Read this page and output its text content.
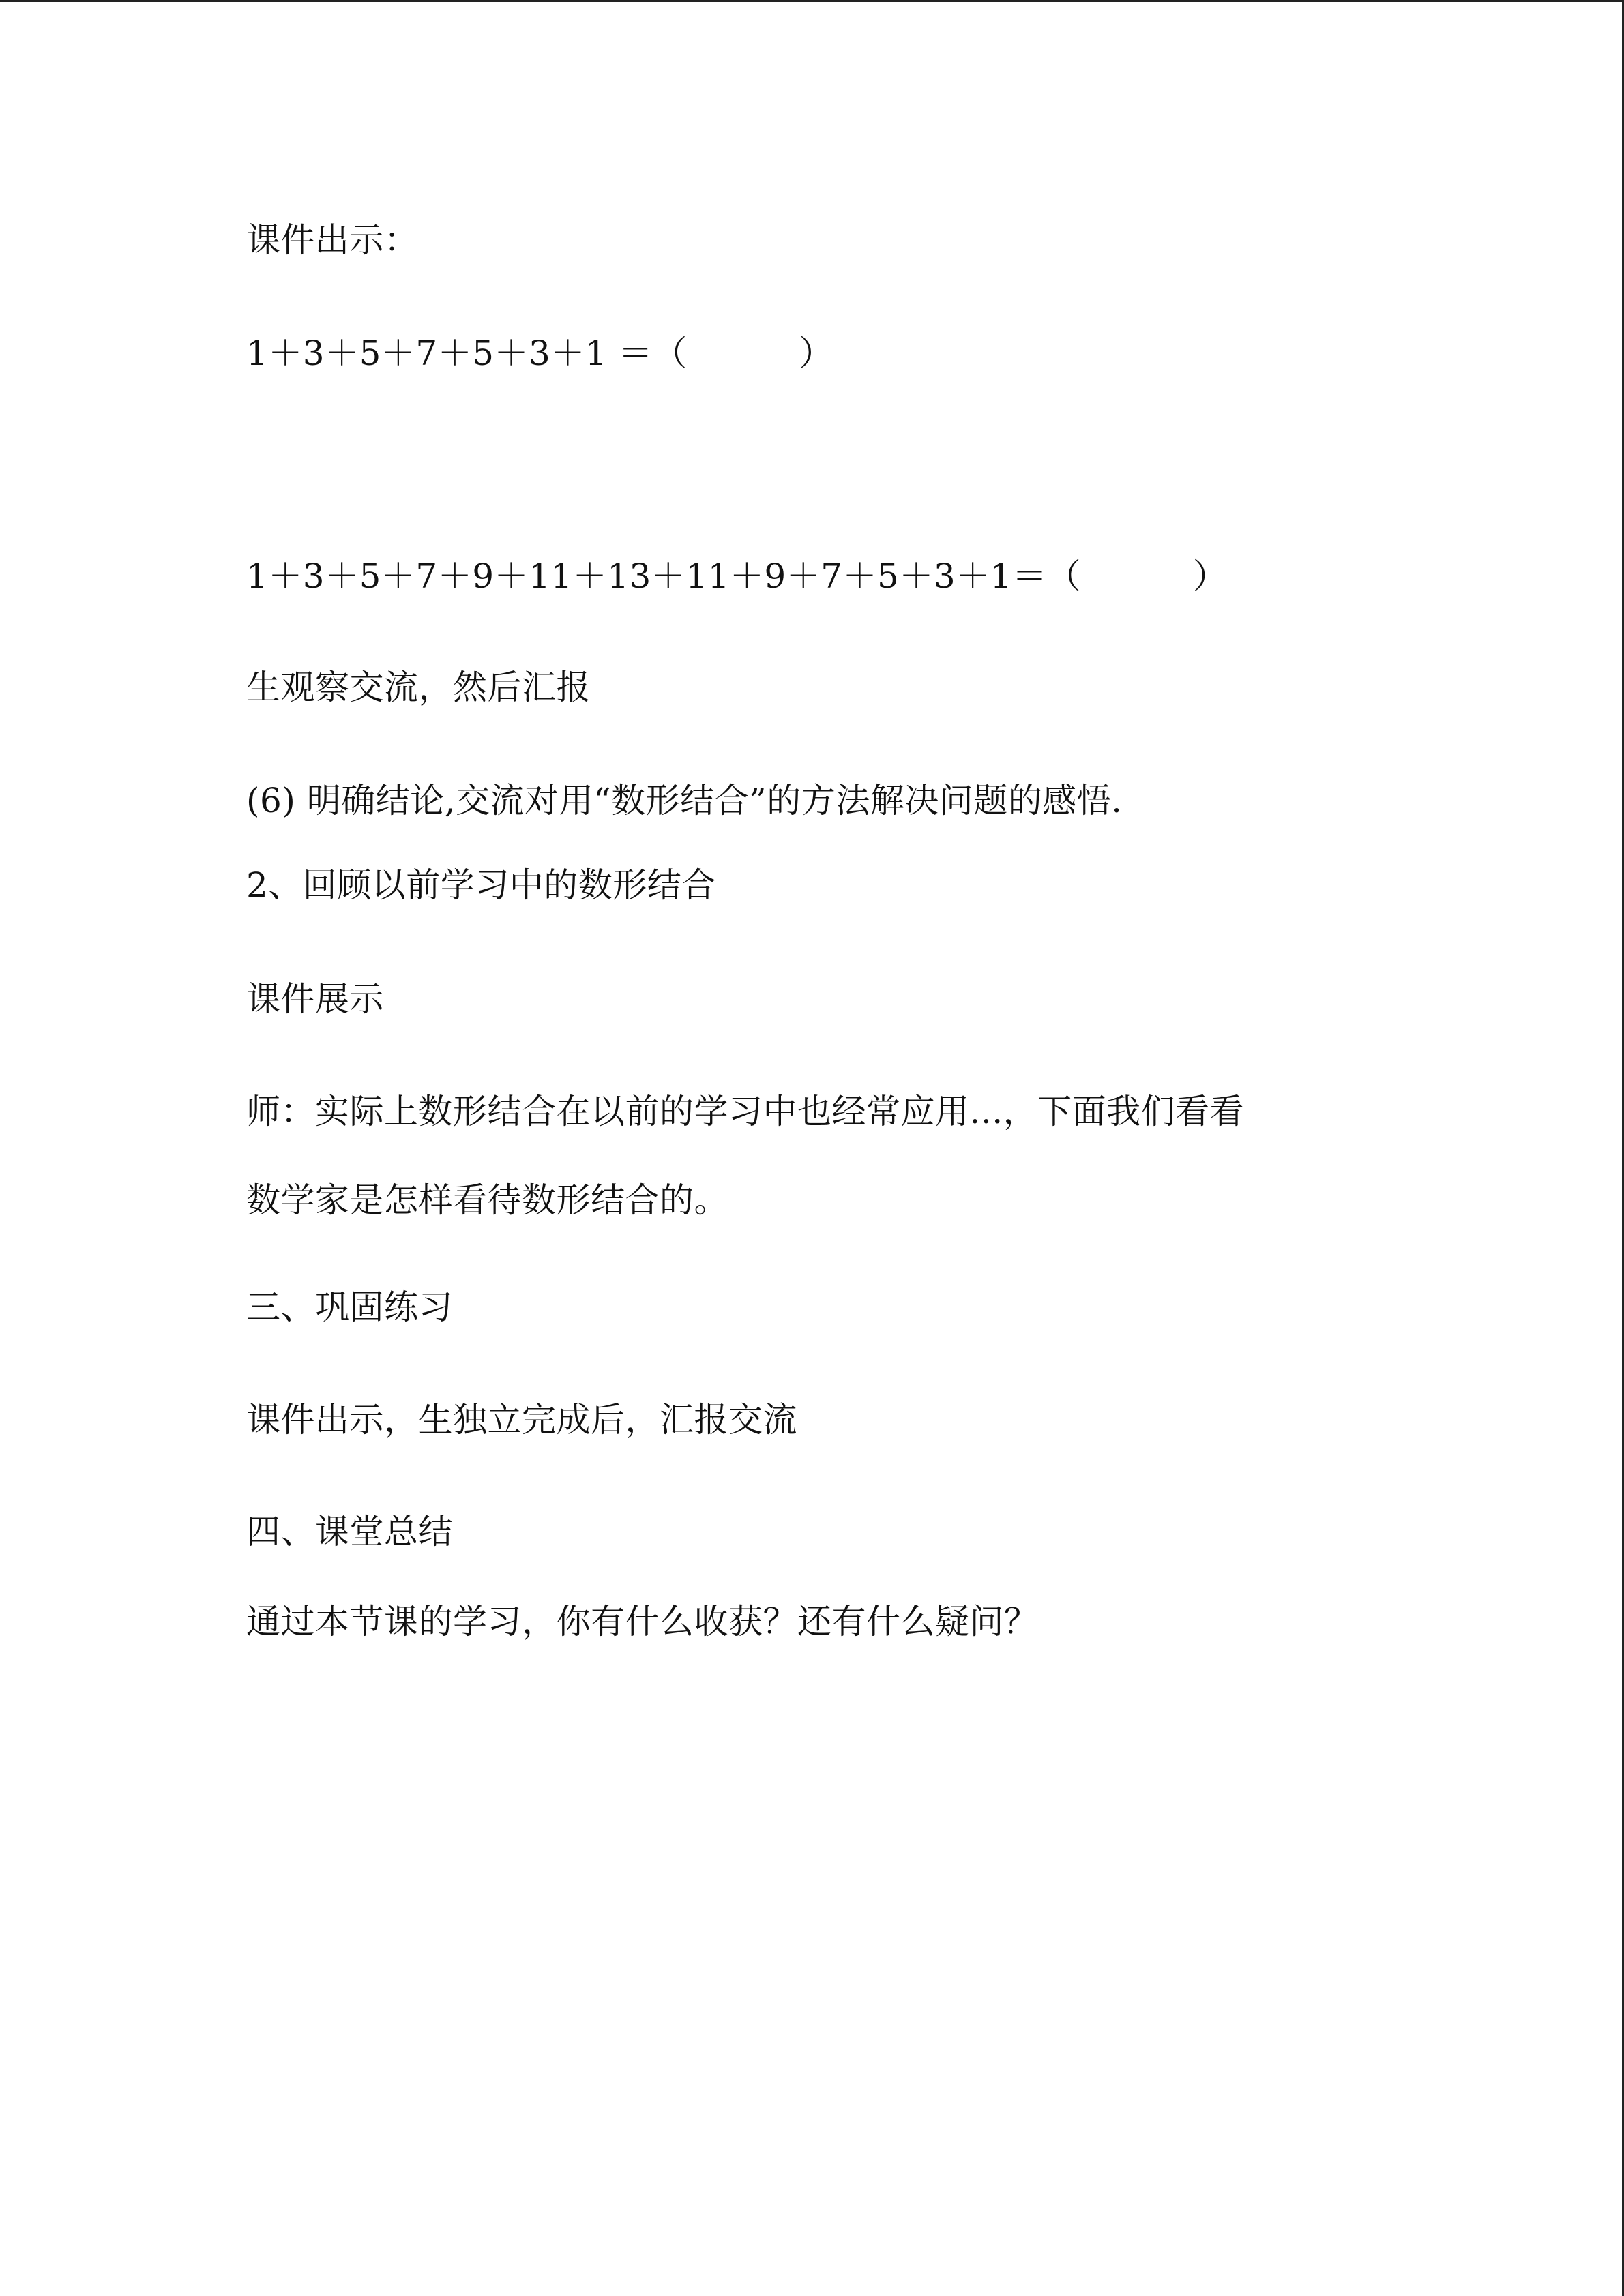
课件出示：
1＋3＋5＋7＋5＋3＋1 ＝（          ）
1＋3＋5＋7＋9＋11＋13＋11＋9＋7＋5＋3＋1＝（          ）
生观察交流，然后汇报
(6) 明确结论,交流对用“数形结合”的方法解决问题的感悟.
2、回顾以前学习中的数形结合
课件展示
师：实际上数形结合在以前的学习中也经常应用...，下面我们看看
数学家是怎样看待数形结合的。
三、巩固练习
课件出示，生独立完成后，汇报交流
四、课堂总结
通过本节课的学习，你有什么收获？还有什么疑问？
